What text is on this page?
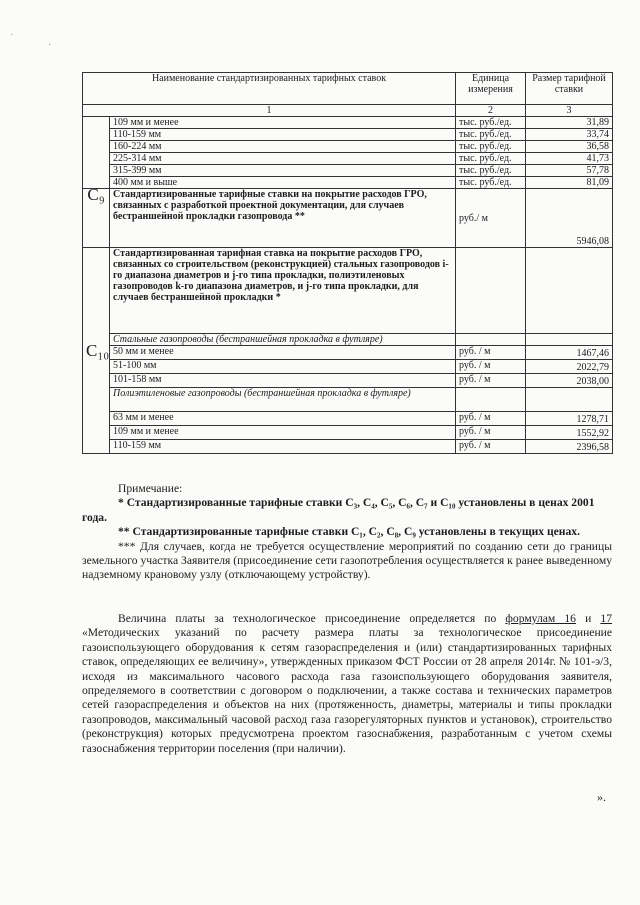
·
·
Наименование стандартизированных тарифных ставок		Единица измерения	Размер тарифной ставки
1		2	3
	109 мм и менее	тыс. руб./ед.	31,89
	110-159 мм	тыс. руб./ед.	33,74
	160-224 мм	тыс. руб./ед.	36,58
	225-314 мм	тыс. руб./ед.	41,73
	315-399 мм	тыс. руб./ед.	57,78
	400 мм и выше	тыс. руб./ед.	81,09
C₉	Стандартизированные тарифные ставки на покрытие расходов ГРО, связанных с разработкой проектной документации, для случаев бестраншейной прокладки газопровода **	руб./ м	5946,08
C₁₀	Стандартизированная тарифная ставка на покрытие расходов ГРО, связанных со строительством (реконструкцией) стальных газопроводов i-го диапазона диаметров и j-го типа прокладки, полиэтиленовых газопроводов k-го диапазона диаметров, и j-го типа прокладки, для случаев бестраншейной прокладки *		
	Стальные газопроводы (бестраншейная прокладка в футляре)		
	50 мм и менее	руб. / м	1467,46
	51-100 мм	руб. / м	2022,79
	101-158 мм	руб. / м	2038,00
	Полиэтиленовые газопроводы (бестраншейная прокладка в футляре)		
	63 мм и менее	руб. / м	1278,71
	109 мм и менее	руб. / м	1552,92
	110-159 мм	руб. / м	2396,58

Примечание:

* Стандартизированные тарифные ставки C₃, C₄, C₅, C₆, C₇ и C₁₀ установлены в ценах 2001 года.

** Стандартизированные тарифные ставки C₁, C₂, C₈, C₉ установлены в текущих ценах.

*** Для случаев, когда не требуется осуществление мероприятий по созданию сети до границы земельного участка Заявителя (присоединение сети газопотребления осуществляется к ранее выведенному надземному крановому узлу (отключающему устройству).

Величина платы за технологическое присоединение определяется по формулам 16 и 17 «Методических указаний по расчету размера платы за технологическое присоединение газоиспользующего оборудования к сетям газораспределения и (или) стандартизированных тарифных ставок, определяющих ее величину», утвержденных приказом ФСТ России от 28 апреля 2014г. № 101-э/3, исходя из максимального часового расхода газа газоиспользующего оборудования заявителя, определяемого в соответствии с договором о подключении, а также состава и технических параметров сетей газораспределения и объектов на них (протяженность, диаметры, материалы и типы прокладки газопроводов, максимальный часовой расход газа газорегуляторных пунктов и установок), строительство (реконструкция) которых предусмотрена проектом газоснабжения, разработанным с учетом схемы газоснабжения территории поселения (при наличии).

».
